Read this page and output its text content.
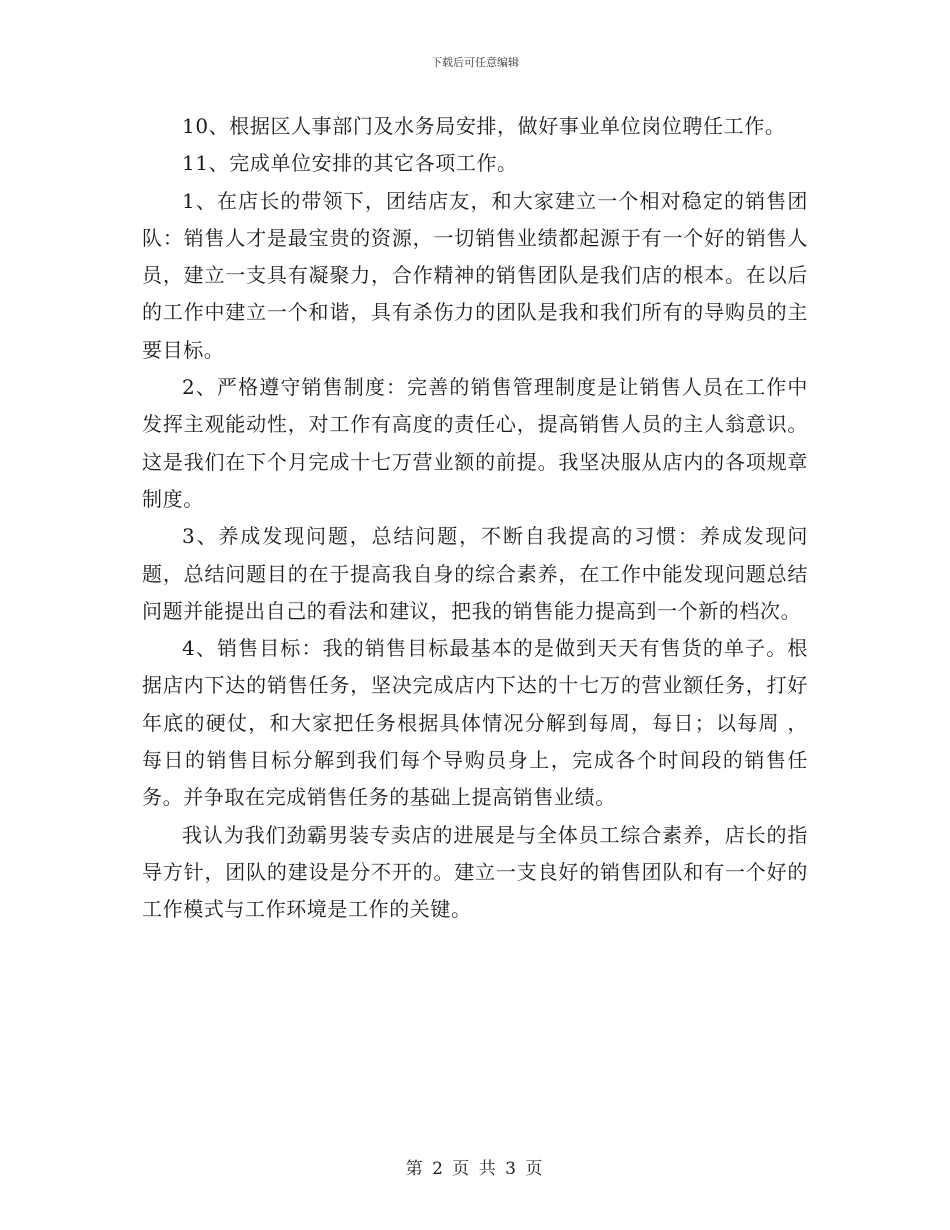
下载后可任意编辑

10、根据区人事部门及水务局安排，做好事业单位岗位聘任工作。

11、完成单位安排的其它各项工作。

1、在店长的带领下，团结店友，和大家建立一个相对稳定的销售团队：销售人才是最宝贵的资源，一切销售业绩都起源于有一个好的销售人员，建立一支具有凝聚力，合作精神的销售团队是我们店的根本。在以后的工作中建立一个和谐，具有杀伤力的团队是我和我们所有的导购员的主要目标。

2、严格遵守销售制度：完善的销售管理制度是让销售人员在工作中发挥主观能动性，对工作有高度的责任心，提高销售人员的主人翁意识。这是我们在下个月完成十七万营业额的前提。我坚决服从店内的各项规章制度。

3、养成发现问题，总结问题，不断自我提高的习惯：养成发现问题，总结问题目的在于提高我自身的综合素养，在工作中能发现问题总结问题并能提出自己的看法和建议，把我的销售能力提高到一个新的档次。

4、销售目标：我的销售目标最基本的是做到天天有售货的单子。根据店内下达的销售任务，坚决完成店内下达的十七万的营业额任务，打好年底的硬仗，和大家把任务根据具体情况分解到每周，每日；以每周 ，每日的销售目标分解到我们每个导购员身上，完成各个时间段的销售任务。并争取在完成销售任务的基础上提高销售业绩。

我认为我们劲霸男装专卖店的进展是与全体员工综合素养，店长的指导方针，团队的建设是分不开的。建立一支良好的销售团队和有一个好的工作模式与工作环境是工作的关键。

第 2 页 共 3 页
